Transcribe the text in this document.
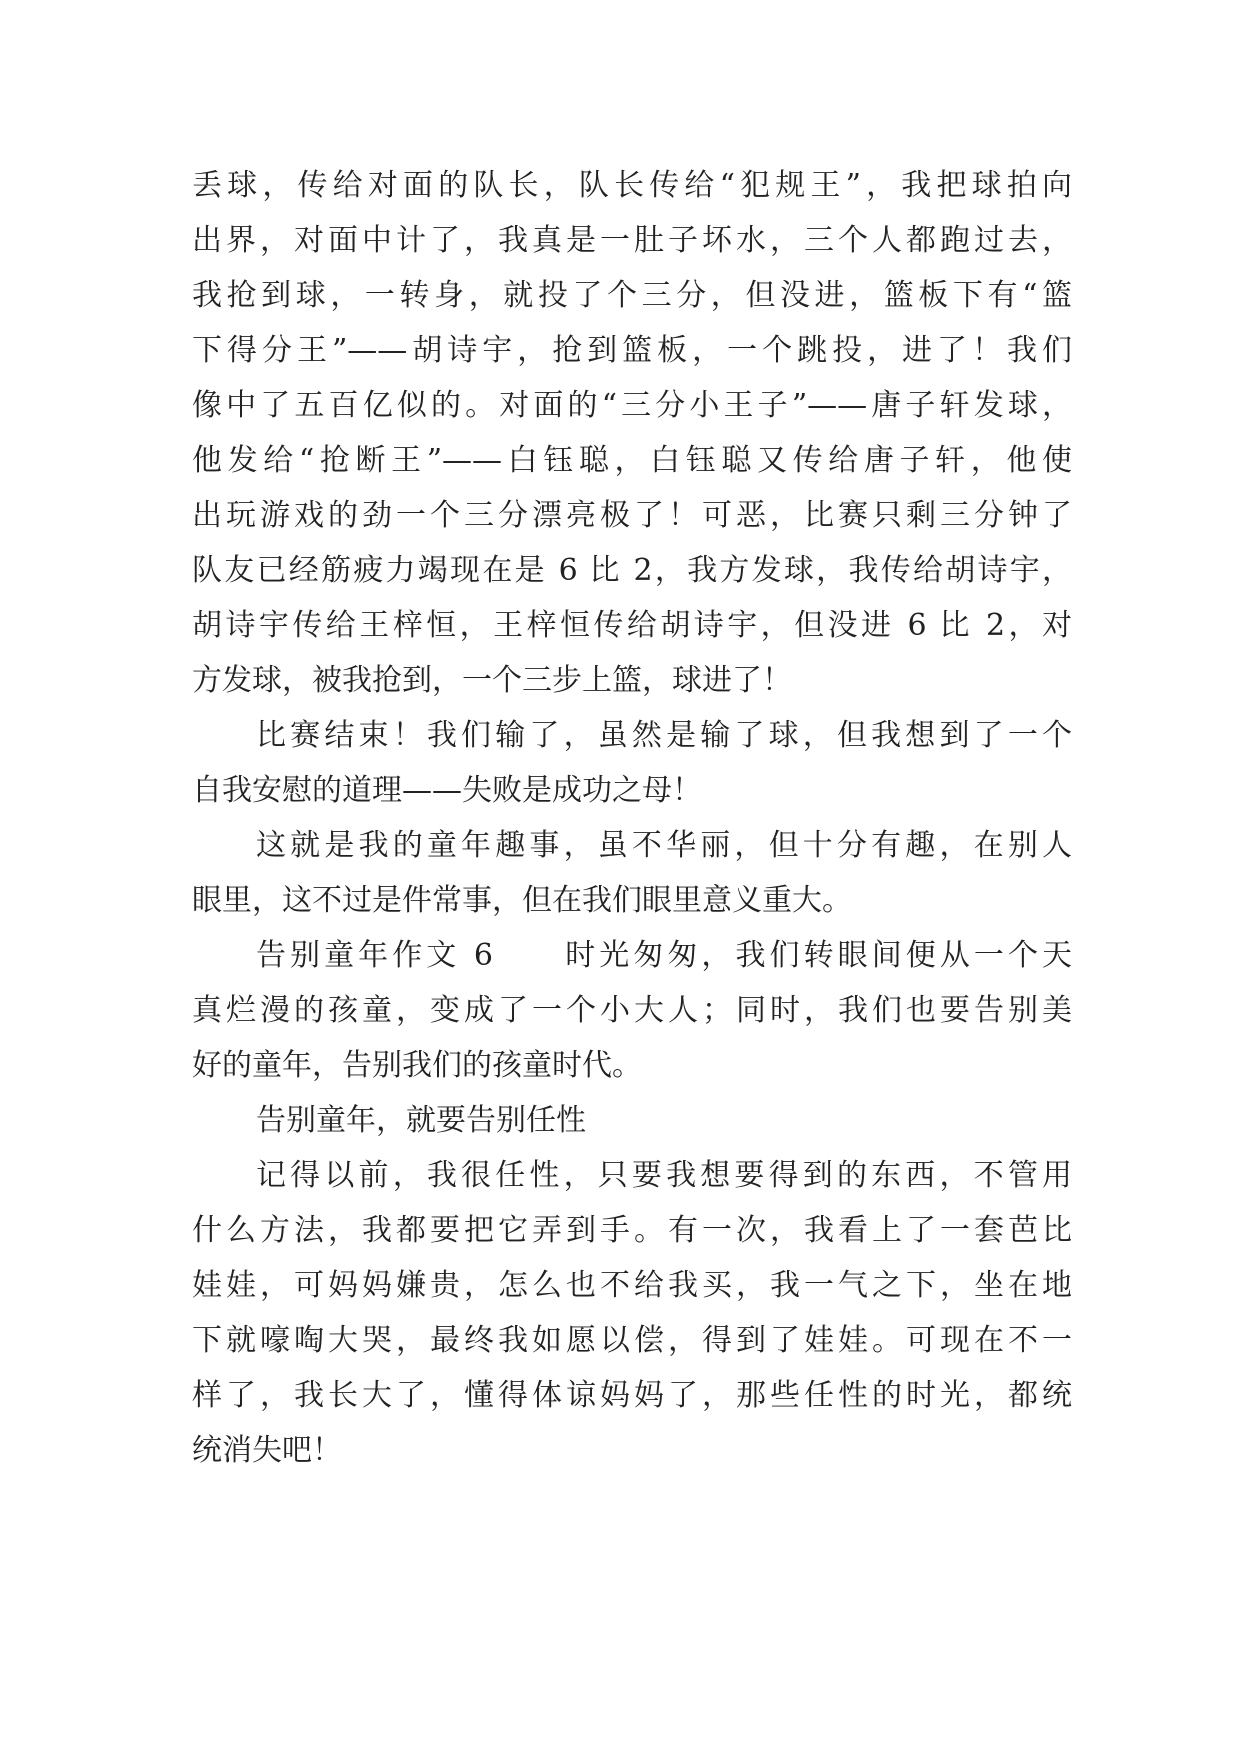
丢球，传给对面的队长，队长传给“犯规王”，我把球拍向
出界，对面中计了，我真是一肚子坏水，三个人都跑过去，
我抢到球，一转身，就投了个三分，但没进，篮板下有“篮
下得分王”——胡诗宇，抢到篮板，一个跳投，进了！我们
像中了五百亿似的。对面的“三分小王子”——唐子轩发球，
他发给“抢断王”——白钰聪，白钰聪又传给唐子轩，他使
出玩游戏的劲一个三分漂亮极了！可恶，比赛只剩三分钟了
队友已经筋疲力竭现在是 6 比 2，我方发球，我传给胡诗宇，
胡诗宇传给王梓恒，王梓恒传给胡诗宇，但没进 6 比 2，对
方发球，被我抢到，一个三步上篮，球进了！
比赛结束！我们输了，虽然是输了球，但我想到了一个
自我安慰的道理——失败是成功之母！
这就是我的童年趣事，虽不华丽，但十分有趣，在别人
眼里，这不过是件常事，但在我们眼里意义重大。
告别童年作文 6　　时光匆匆，我们转眼间便从一个天
真烂漫的孩童，变成了一个小大人；同时，我们也要告别美
好的童年，告别我们的孩童时代。
告别童年，就要告别任性
记得以前，我很任性，只要我想要得到的东西，不管用
什么方法，我都要把它弄到手。有一次，我看上了一套芭比
娃娃，可妈妈嫌贵，怎么也不给我买，我一气之下，坐在地
下就嚎啕大哭，最终我如愿以偿，得到了娃娃。可现在不一
样了，我长大了，懂得体谅妈妈了，那些任性的时光，都统
统消失吧！
